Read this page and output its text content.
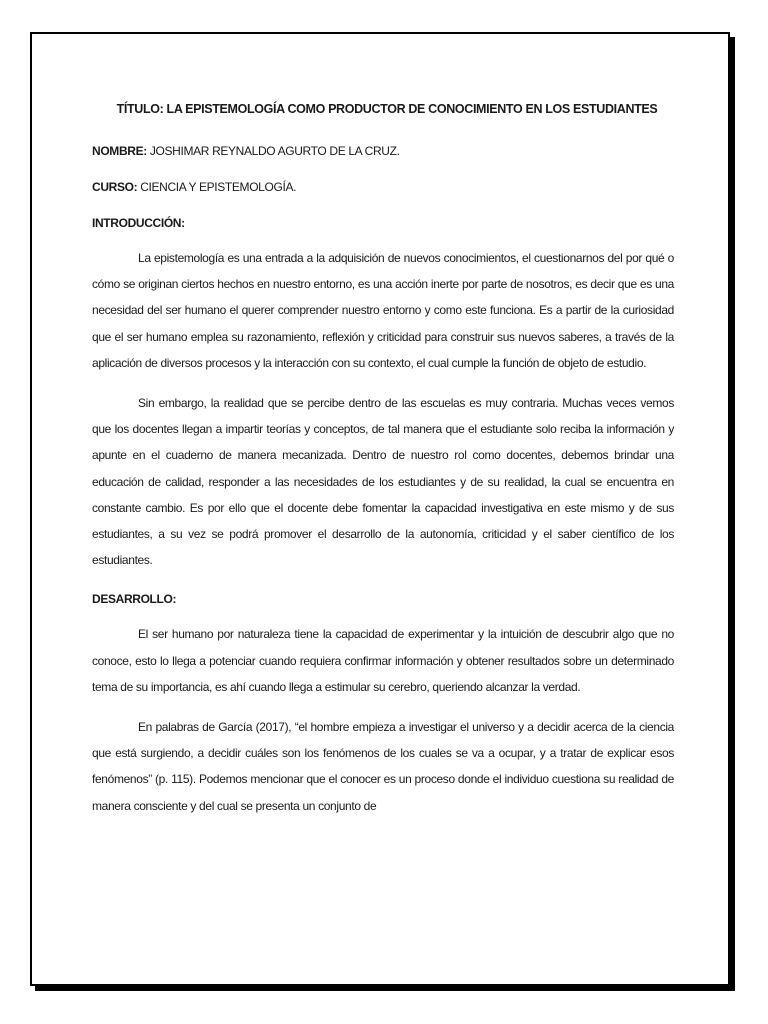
TÍTULO: LA EPISTEMOLOGÍA COMO PRODUCTOR DE CONOCIMIENTO EN LOS ESTUDIANTES

NOMBRE: JOSHIMAR REYNALDO AGURTO DE LA CRUZ.

CURSO: CIENCIA Y EPISTEMOLOGÍA.

INTRODUCCIÓN:

La epistemología es una entrada a la adquisición de nuevos conocimientos, el cuestionarnos del por qué o cómo se originan ciertos hechos en nuestro entorno, es una acción inerte por parte de nosotros, es decir que es una necesidad del ser humano el querer comprender nuestro entorno y como este funciona. Es a partir de la curiosidad que el ser humano emplea su razonamiento, reflexión y criticidad para construir sus nuevos saberes, a través de la aplicación de diversos procesos y la interacción con su contexto, el cual cumple la función de objeto de estudio.

Sin embargo, la realidad que se percibe dentro de las escuelas es muy contraria. Muchas veces vemos que los docentes llegan a impartir teorías y conceptos, de tal manera que el estudiante solo reciba la información y apunte en el cuaderno de manera mecanizada. Dentro de nuestro rol como docentes, debemos brindar una educación de calidad, responder a las necesidades de los estudiantes y de su realidad, la cual se encuentra en constante cambio. Es por ello que el docente debe fomentar la capacidad investigativa en este mismo y de sus estudiantes, a su vez se podrá promover el desarrollo de la autonomía, criticidad y el saber científico de los estudiantes.

DESARROLLO:

El ser humano por naturaleza tiene la capacidad de experimentar y la intuición de descubrir algo que no conoce, esto lo llega a potenciar cuando requiera confirmar información y obtener resultados sobre un determinado tema de su importancia, es ahí cuando llega a estimular su cerebro, queriendo alcanzar la verdad.

En palabras de García (2017), “el hombre empieza a investigar el universo y a decidir acerca de la ciencia que está surgiendo, a decidir cuáles son los fenómenos de los cuales se va a ocupar, y a tratar de explicar esos fenómenos” (p. 115). Podemos mencionar que el conocer es un proceso donde el individuo cuestiona su realidad de manera consciente y del cual se presenta un conjunto de
